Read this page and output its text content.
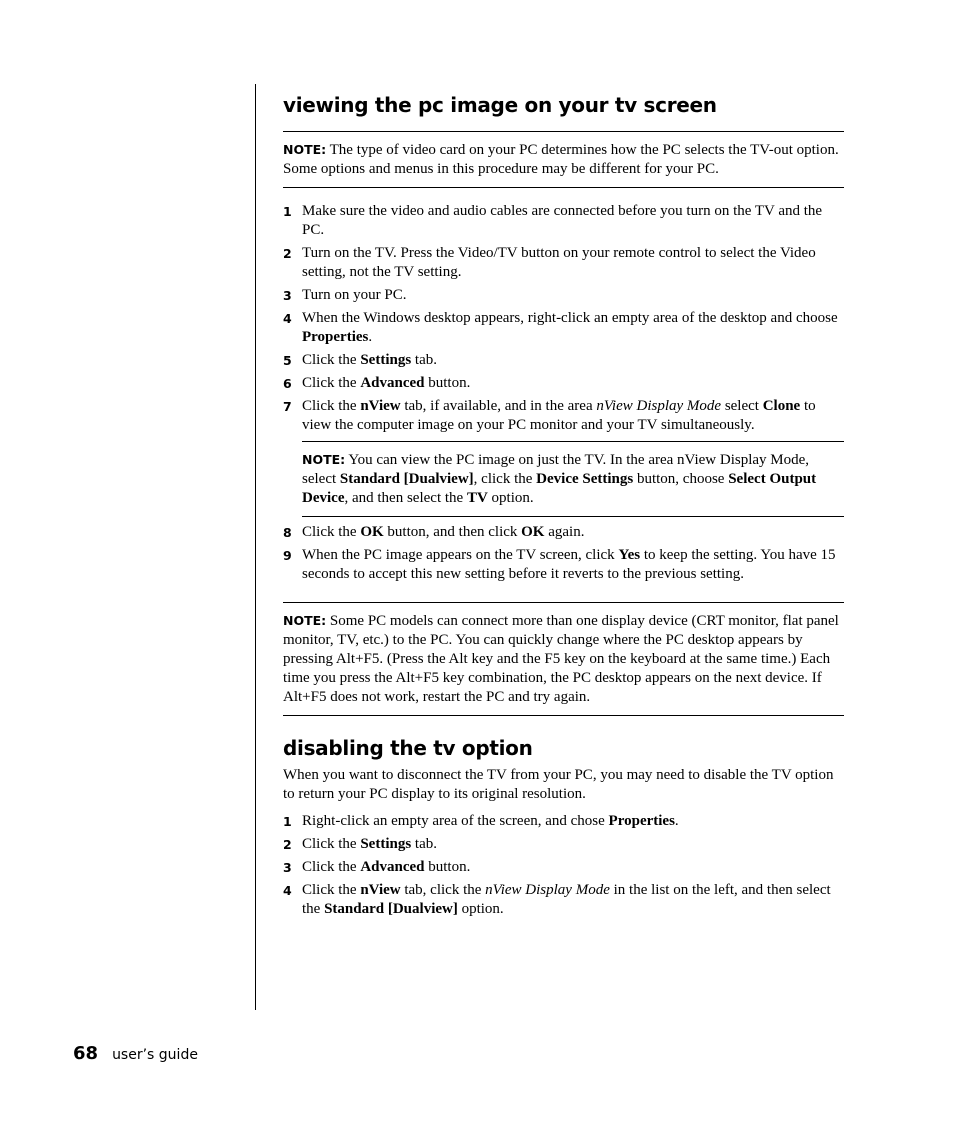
viewing the pc image on your tv screen
NOTE: The type of video card on your PC determines how the PC selects the TV-out option. Some options and menus in this procedure may be different for your PC.
1 Make sure the video and audio cables are connected before you turn on the TV and the PC.
2 Turn on the TV. Press the Video/TV button on your remote control to select the Video setting, not the TV setting.
3 Turn on your PC.
4 When the Windows desktop appears, right-click an empty area of the desktop and choose Properties.
5 Click the Settings tab.
6 Click the Advanced button.
7 Click the nView tab, if available, and in the area nView Display Mode select Clone to view the computer image on your PC monitor and your TV simultaneously.
NOTE: You can view the PC image on just the TV. In the area nView Display Mode, select Standard [Dualview], click the Device Settings button, choose Select Output Device, and then select the TV option.
8 Click the OK button, and then click OK again.
9 When the PC image appears on the TV screen, click Yes to keep the setting. You have 15 seconds to accept this new setting before it reverts to the previous setting.
NOTE: Some PC models can connect more than one display device (CRT monitor, flat panel monitor, TV, etc.) to the PC. You can quickly change where the PC desktop appears by pressing Alt+F5. (Press the Alt key and the F5 key on the keyboard at the same time.) Each time you press the Alt+F5 key combination, the PC desktop appears on the next device. If Alt+F5 does not work, restart the PC and try again.
disabling the tv option

When you want to disconnect the TV from your PC, you may need to disable the TV option to return your PC display to its original resolution.

1 Right-click an empty area of the screen, and chose Properties.
2 Click the Settings tab.
3 Click the Advanced button.
4 Click the nView tab, click the nView Display Mode in the list on the left, and then select the Standard [Dualview] option.
68 user’s guide
